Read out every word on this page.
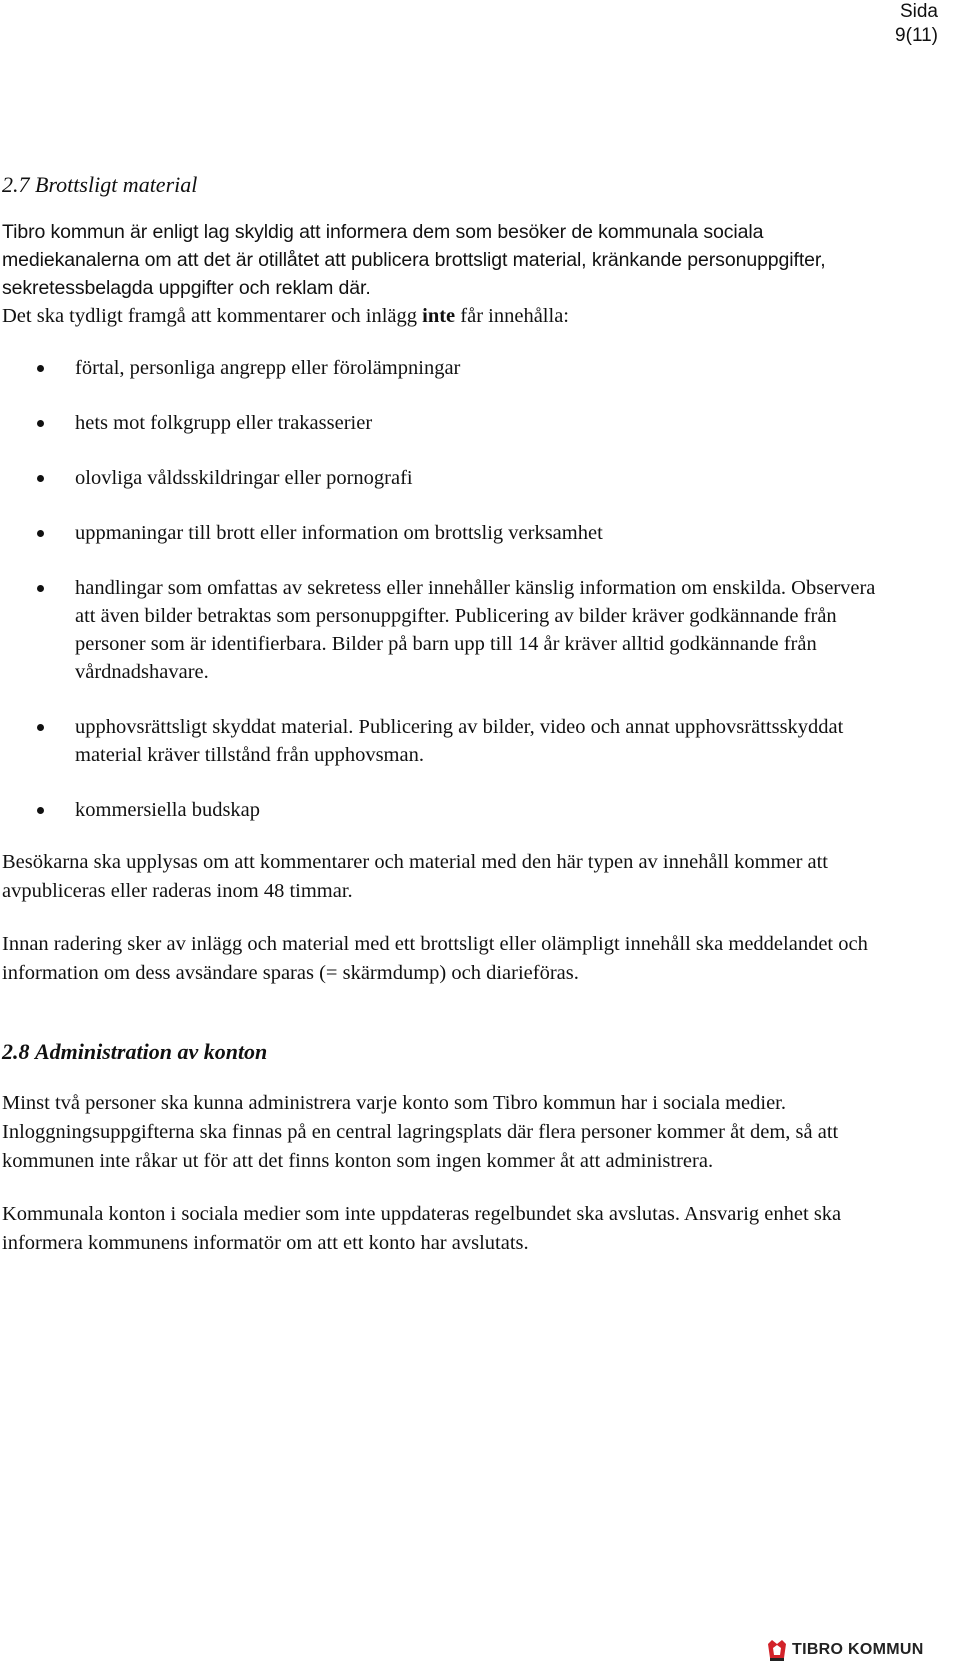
Sida
9(11)
2.7 Brottsligt material

Tibro kommun är enligt lag skyldig att informera dem som besöker de kommunala sociala mediekanalerna om att det är otillåtet att publicera brottsligt material, kränkande personuppgifter, sekretessbelagda uppgifter och reklam där.

Det ska tydligt framgå att kommentarer och inlägg inte får innehålla:

förtal, personliga angrepp eller förolämpningar
hets mot folkgrupp eller trakasserier
olovliga våldsskildringar eller pornografi
uppmaningar till brott eller information om brottslig verksamhet
handlingar som omfattas av sekretess eller innehåller känslig information om enskilda. Observera att även bilder betraktas som personuppgifter. Publicering av bilder kräver godkännande från personer som är identifierbara. Bilder på barn upp till 14 år kräver alltid godkännande från vårdnadshavare.
upphovsrättsligt skyddat material. Publicering av bilder, video och annat upphovsrättsskyddat material kräver tillstånd från upphovsman.
kommersiella budskap

Besökarna ska upplysas om att kommentarer och material med den här typen av innehåll kommer att avpubliceras eller raderas inom 48 timmar.

Innan radering sker av inlägg och material med ett brottsligt eller olämpligt innehåll ska meddelandet och information om dess avsändare sparas (= skärmdump) och diarieföras.

2.8 Administration av konton

Minst två personer ska kunna administrera varje konto som Tibro kommun har i sociala medier. Inloggningsuppgifterna ska finnas på en central lagringsplats där flera personer kommer åt dem, så att kommunen inte råkar ut för att det finns konton som ingen kommer åt att administrera.

Kommunala konton i sociala medier som inte uppdateras regelbundet ska avslutas. Ansvarig enhet ska informera kommunens informatör om att ett konto har avslutats.

TIBRO KOMMUN
